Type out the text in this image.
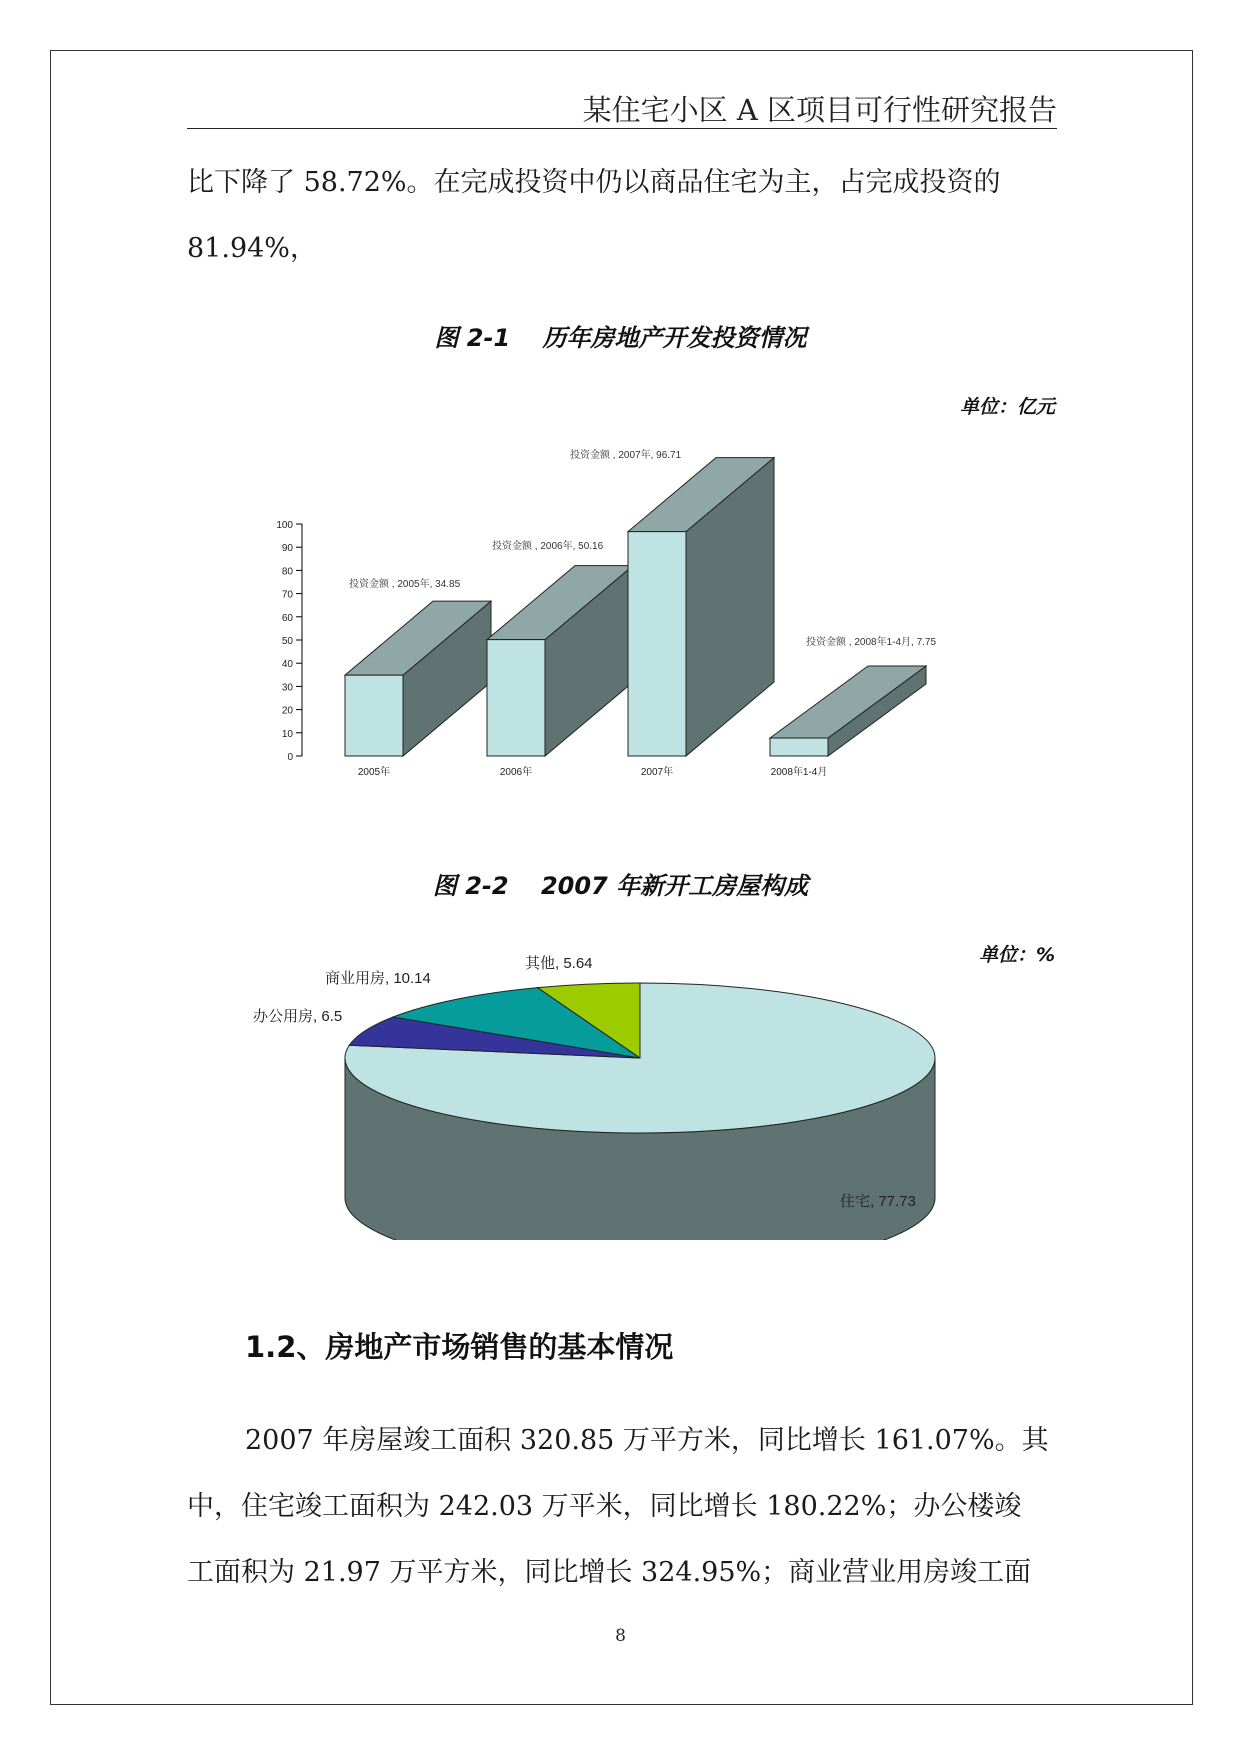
某住宅小区 A 区项目可行性研究报告
比下降了 58.72%。在完成投资中仍以商品住宅为主，占完成投资的
81.94%，
图 2-1　 历年房地产开发投资情况
单位：亿元
0
10
20
30
40
50
60
70
80
90
100
2005年	2006年	2007年	2008年1-4月
投资金额 , 2005年, 34.85
投资金额 , 2006年, 50.16
投资金额 , 2007年, 96.71
投资金额 , 2008年1-4月, 7.75
图 2-2　 2007 年新开工房屋构成
单位：%
住宅, 77.73
办公用房, 6.5
商业用房, 10.14
其他, 5.64
1.2、房地产市场销售的基本情况
2007 年房屋竣工面积 320.85 万平方米，同比增长 161.07%。其
中，住宅竣工面积为 242.03 万平米，同比增长 180.22%；办公楼竣
工面积为 21.97 万平方米，同比增长 324.95%；商业营业用房竣工面
8
